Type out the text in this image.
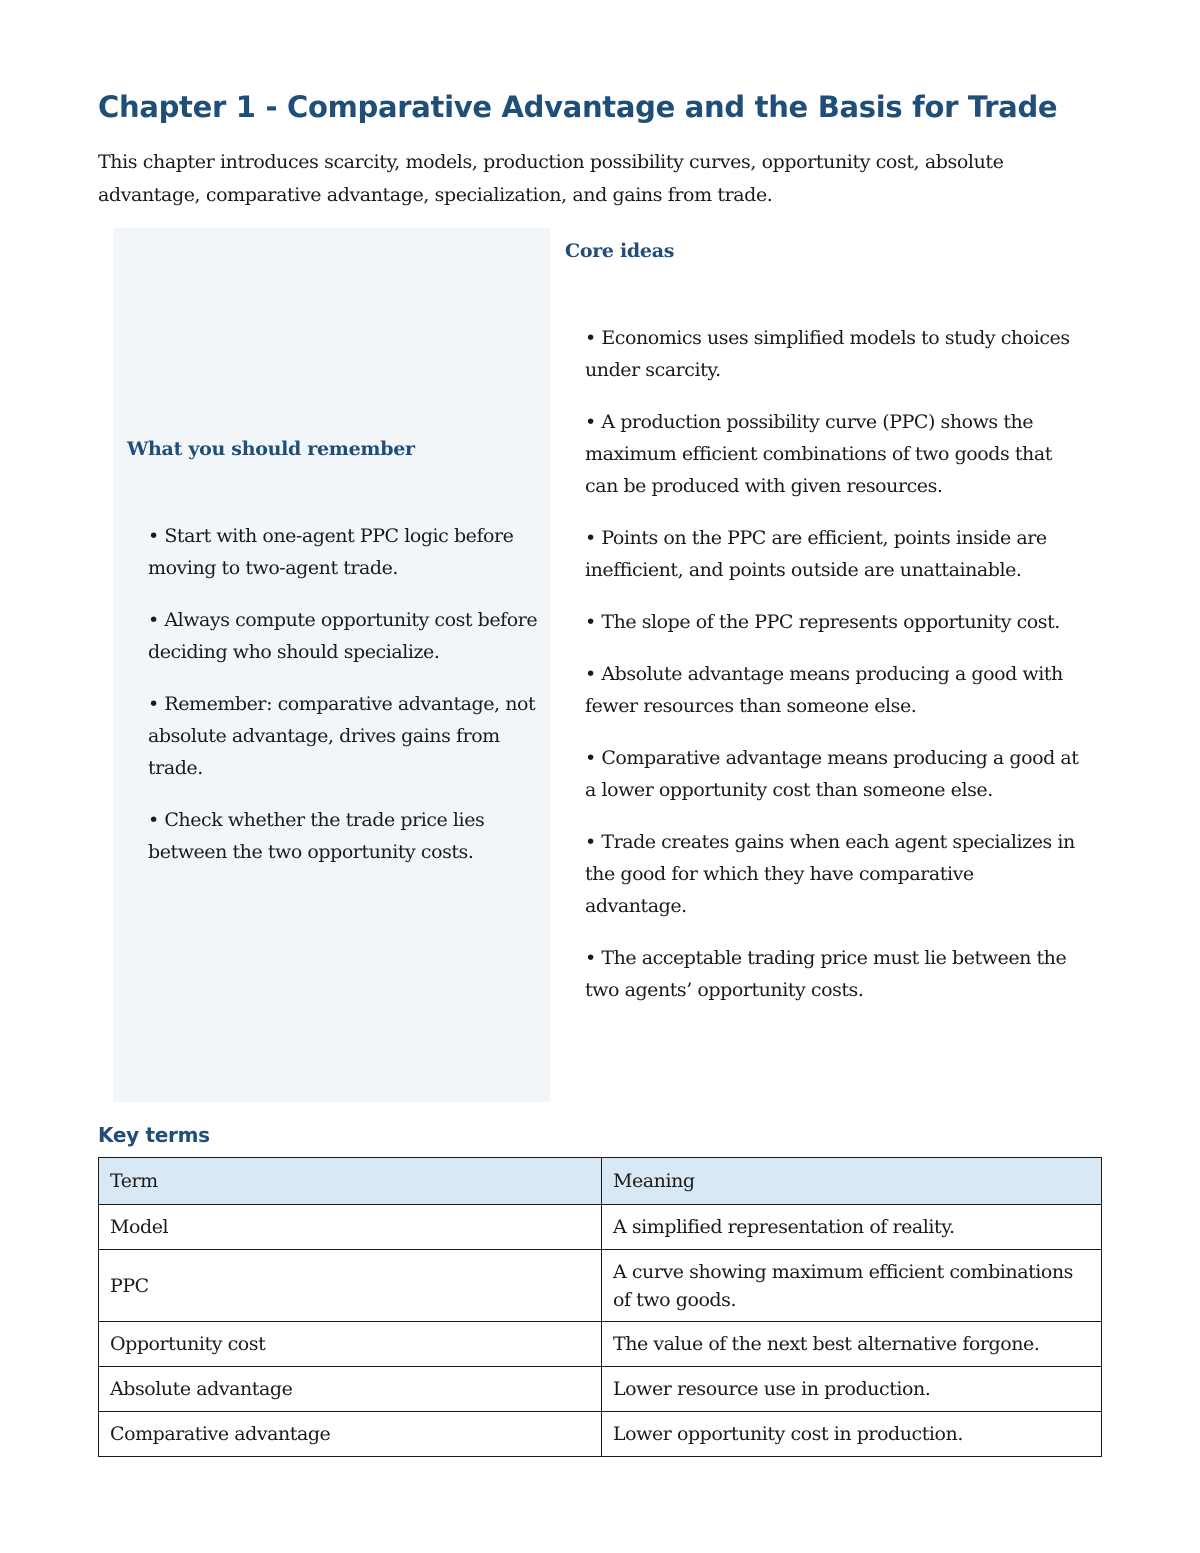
Chapter 1 - Comparative Advantage and the Basis for Trade

This chapter introduces scarcity, models, production possibility curves, opportunity cost, absolute advantage, comparative advantage, specialization, and gains from trade.

What you should remember
• Start with one-agent PPC logic before moving to two-agent trade.
• Always compute opportunity cost before deciding who should specialize.
• Remember: comparative advantage, not absolute advantage, drives gains from trade.
• Check whether the trade price lies between the two opportunity costs.
Core ideas
• Economics uses simplified models to study choices under scarcity.
• A production possibility curve (PPC) shows the maximum efficient combinations of two goods that can be produced with given resources.
• Points on the PPC are efficient, points inside are inefficient, and points outside are unattainable.
• The slope of the PPC represents opportunity cost.
• Absolute advantage means producing a good with fewer resources than someone else.
• Comparative advantage means producing a good at a lower opportunity cost than someone else.
• Trade creates gains when each agent specializes in the good for which they have comparative advantage.
• The acceptable trading price must lie between the two agents’ opportunity costs.
Key terms
Term	Meaning
Model	A simplified representation of reality.
PPC	A curve showing maximum efficient combinations of two goods.
Opportunity cost	The value of the next best alternative forgone.
Absolute advantage	Lower resource use in production.
Comparative advantage	Lower opportunity cost in production.
